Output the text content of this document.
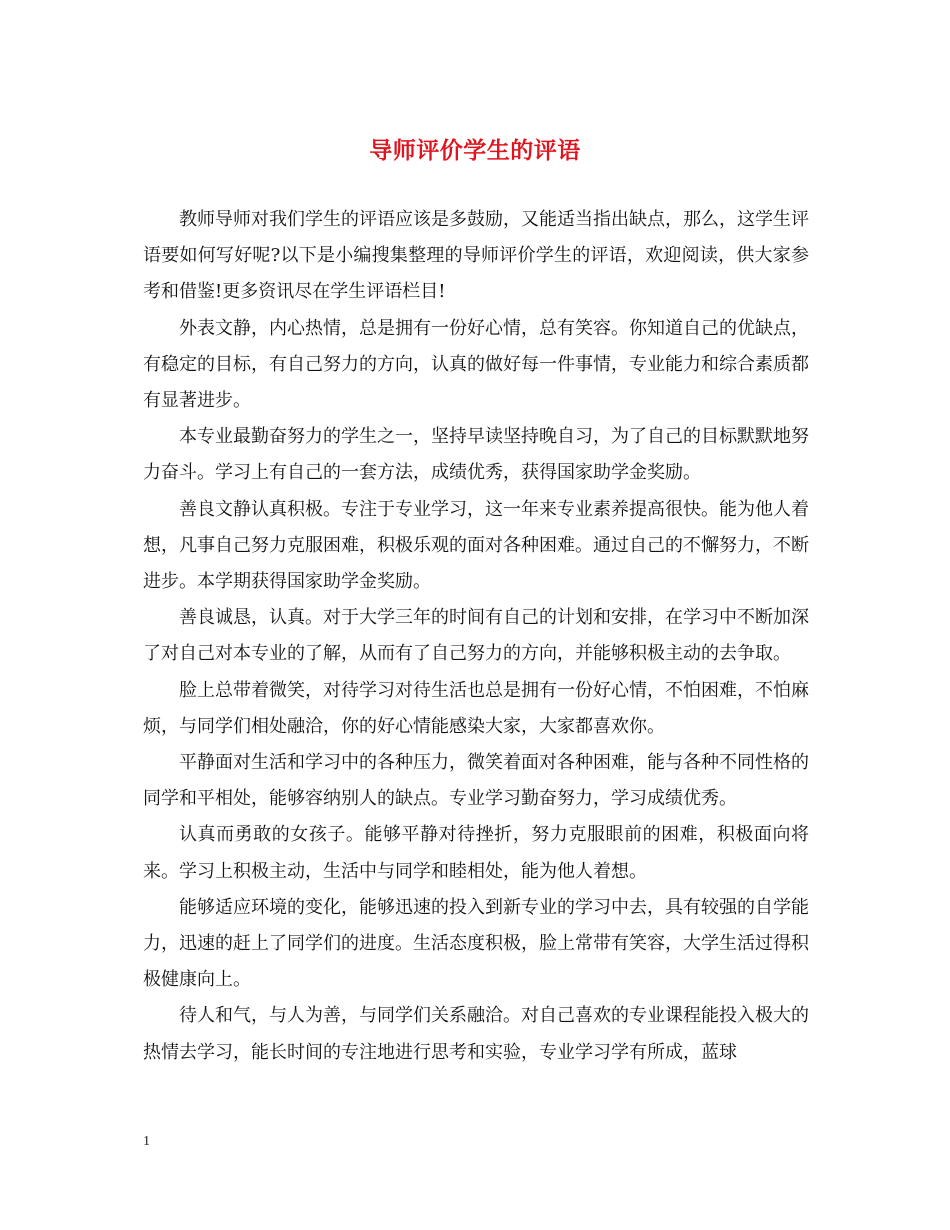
导师评价学生的评语

教师导师对我们学生的评语应该是多鼓励，又能适当指出缺点，那么，这学生评语要如何写好呢?以下是小编搜集整理的导师评价学生的评语，欢迎阅读，供大家参考和借鉴!更多资讯尽在学生评语栏目!

外表文静，内心热情，总是拥有一份好心情，总有笑容。你知道自己的优缺点，有稳定的目标，有自己努力的方向，认真的做好每一件事情，专业能力和综合素质都有显著进步。

本专业最勤奋努力的学生之一，坚持早读坚持晚自习，为了自己的目标默默地努力奋斗。学习上有自己的一套方法，成绩优秀，获得国家助学金奖励。

善良文静认真积极。专注于专业学习，这一年来专业素养提高很快。能为他人着想，凡事自己努力克服困难，积极乐观的面对各种困难。通过自己的不懈努力，不断进步。本学期获得国家助学金奖励。

善良诚恳，认真。对于大学三年的时间有自己的计划和安排，在学习中不断加深了对自己对本专业的了解，从而有了自己努力的方向，并能够积极主动的去争取。

脸上总带着微笑，对待学习对待生活也总是拥有一份好心情，不怕困难，不怕麻烦，与同学们相处融洽，你的好心情能感染大家，大家都喜欢你。

平静面对生活和学习中的各种压力，微笑着面对各种困难，能与各种不同性格的同学和平相处，能够容纳别人的缺点。专业学习勤奋努力，学习成绩优秀。

认真而勇敢的女孩子。能够平静对待挫折，努力克服眼前的困难，积极面向将来。学习上积极主动，生活中与同学和睦相处，能为他人着想。

能够适应环境的变化，能够迅速的投入到新专业的学习中去，具有较强的自学能力，迅速的赶上了同学们的进度。生活态度积极，脸上常带有笑容，大学生活过得积极健康向上。

待人和气，与人为善，与同学们关系融洽。对自己喜欢的专业课程能投入极大的热情去学习，能长时间的专注地进行思考和实验，专业学习学有所成，蓝球

1
